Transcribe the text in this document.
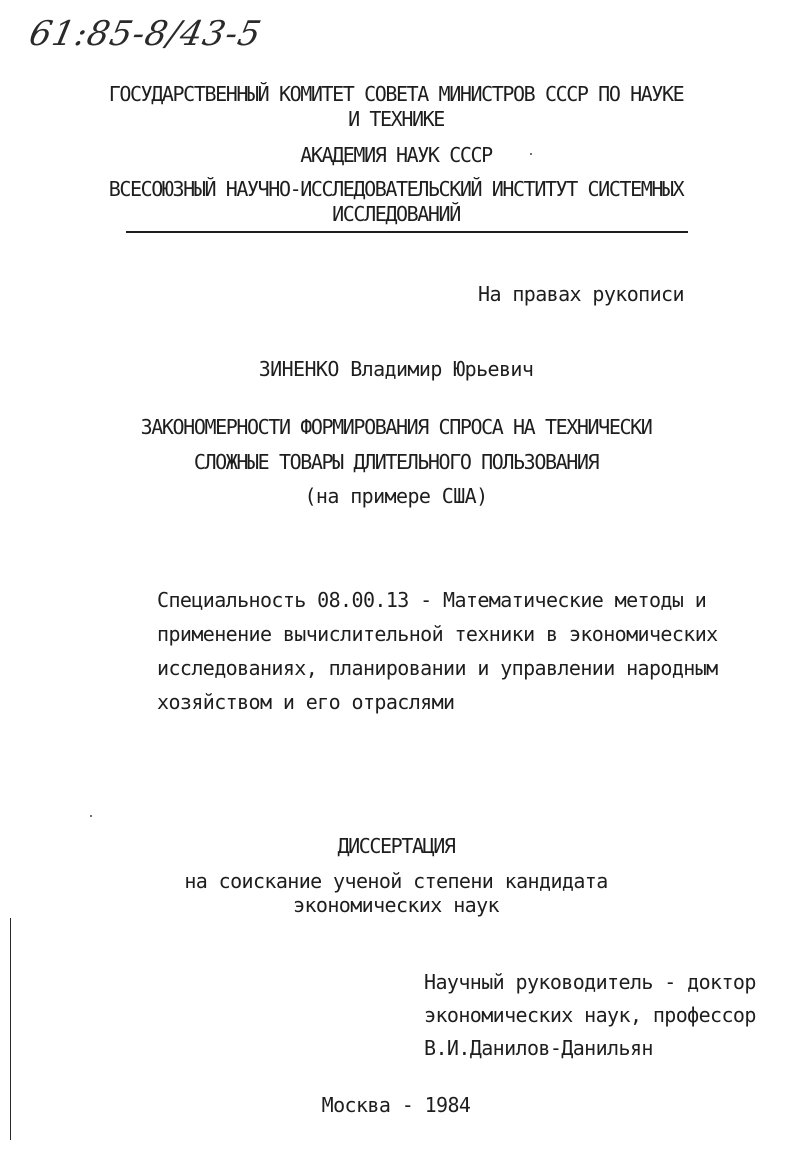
61:85-8/43-5
ГОСУДАРСТВЕННЫЙ КОМИТЕТ СОВЕТА МИНИСТРОВ СССР ПО НАУКЕ
И ТЕХНИКЕ
АКАДЕМИЯ НАУК СССР
ВСЕСОЮЗНЫЙ НАУЧНО-ИССЛЕДОВАТЕЛЬСКИЙ ИНСТИТУТ СИСТЕМНЫХ
ИССЛЕДОВАНИЙ
На правах рукописи
ЗИНЕНКО Владимир Юрьевич
ЗАКОНОМЕРНОСТИ ФОРМИРОВАНИЯ СПРОСА НА ТЕХНИЧЕСКИ
СЛОЖНЫЕ ТОВАРЫ ДЛИТЕЛЬНОГО ПОЛЬЗОВАНИЯ
(на примере США)
Специальность 08.00.13 - Математические методы и
применение вычислительной техники в экономических
исследованиях, планировании и управлении народным
хозяйством и его отраслями
ДИССЕРТАЦИЯ
на соискание ученой степени кандидата
экономических наук
Научный руководитель - доктор
экономических наук, профессор
В.И.Данилов-Данильян
Москва - 1984
